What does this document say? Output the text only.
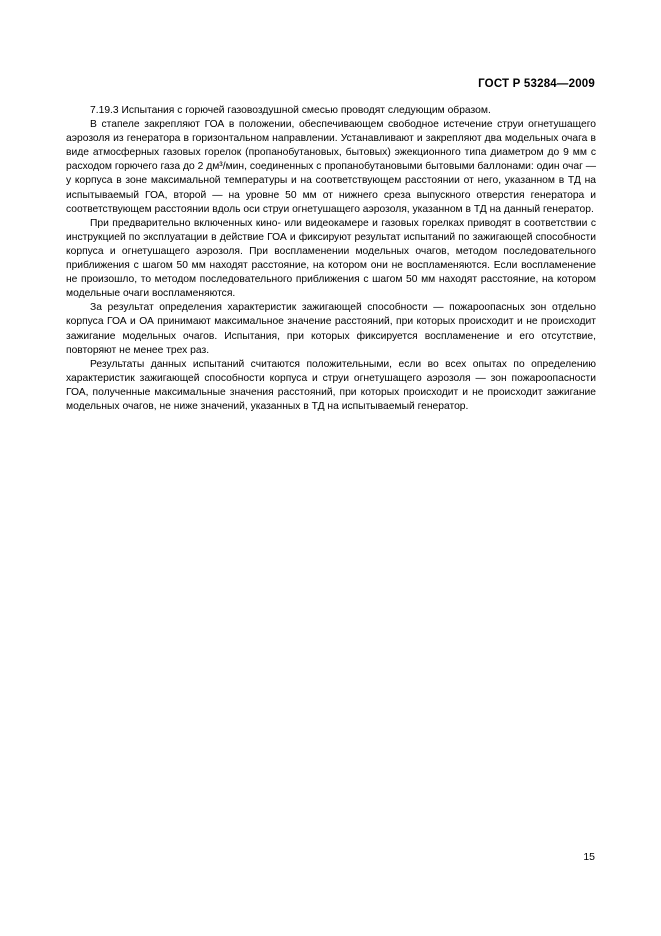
ГОСТ Р 53284—2009

7.19.3 Испытания с горючей газовоздушной смесью проводят следующим образом.

В стапеле закрепляют ГОА в положении, обеспечивающем свободное истечение струи огнетушащего аэрозоля из генератора в горизонтальном направлении. Устанавливают и закрепляют два модельных очага в виде атмосферных газовых горелок (пропанобутановых, бытовых) эжекционного типа диаметром до 9 мм с расходом горючего газа до 2 дм³/мин, соединенных с пропанобутановыми бытовыми баллонами: один очаг — у корпуса в зоне максимальной температуры и на соответствующем расстоянии от него, указанном в ТД на испытываемый ГОА, второй — на уровне 50 мм от нижнего среза выпускного отверстия генератора и соответствующем расстоянии вдоль оси струи огнетушащего аэрозоля, указанном в ТД на данный генератор.

При предварительно включенных кино- или видеокамере и газовых горелках приводят в соответствии с инструкцией по эксплуатации в действие ГОА и фиксируют результат испытаний по зажигающей способности корпуса и огнетушащего аэрозоля. При воспламенении модельных очагов, методом последовательного приближения с шагом 50 мм находят расстояние, на котором они не воспламеняются. Если воспламенение не произошло, то методом последовательного приближения с шагом 50 мм находят расстояние, на котором модельные очаги воспламеняются.

За результат определения характеристик зажигающей способности — пожароопасных зон отдельно корпуса ГОА и ОА принимают максимальное значение расстояний, при которых происходит и не происходит зажигание модельных очагов. Испытания, при которых фиксируется воспламенение и его отсутствие, повторяют не менее трех раз.

Результаты данных испытаний считаются положительными, если во всех опытах по определению характеристик зажигающей способности корпуса и струи огнетушащего аэрозоля — зон пожароопасности ГОА, полученные максимальные значения расстояний, при которых происходит и не происходит зажигание модельных очагов, не ниже значений, указанных в ТД на испытываемый генератор.

15
